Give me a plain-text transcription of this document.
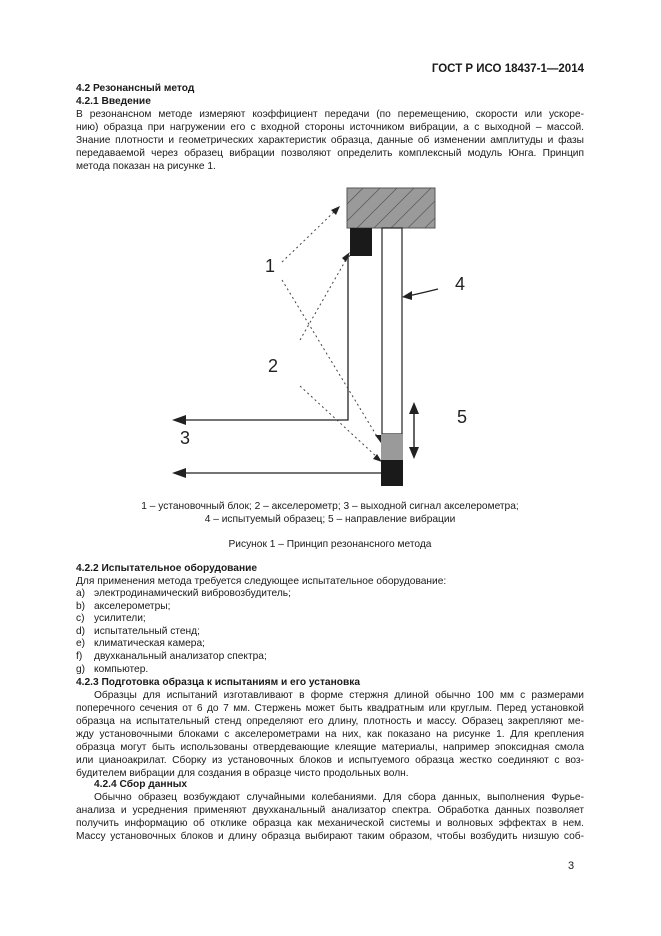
ГОСТ Р ИСО 18437-1—2014
4.2 Резонансный метод
4.2.1 Введение
В резонансном методе измеряют коэффициент передачи (по перемещению, скорости или ускоре-
нию) образца при нагружении его с входной стороны источником вибрации, а с выходной – массой.
Знание плотности и геометрических характеристик образца, данные об изменении амплитуды и фазы
передаваемой через образец вибрации позволяют определить комплексный модуль Юнга. Принцип
метода показан на рисунке 1.
1
2
3
4
5
1 – установочный блок; 2 – акселерометр; 3 – выходной сигнал акселерометра;
4 – испытуемый образец; 5 – направление вибрации
Рисунок 1 – Принцип резонансного метода
4.2.2 Испытательное оборудование
Для применения метода требуется следующее испытательное оборудование:
a) электродинамический вибровозбудитель;
b) акселерометры;
c) усилители;
d) испытательный стенд;
e) климатическая камера;
f)	двухканальный анализатор спектра;
g) компьютер.
4.2.3 Подготовка образца к испытаниям и его установка
Образцы для испытаний изготавливают в форме стержня длиной обычно 100 мм с размерами
поперечного сечения от 6 до 7 мм. Стержень может быть квадратным или круглым. Перед установкой
образца на испытательный стенд определяют его длину, плотность и массу. Образец закрепляют ме-
жду установочными блоками с акселерометрами на них, как показано на рисунке 1. Для крепления
образца могут быть использованы отвердевающие клеящие материалы, например эпоксидная смола
или цианоакрилат. Сборку из установочных блоков и испытуемого образца жестко соединяют с воз-
будителем вибрации для создания в образце чисто продольных волн.
4.2.4 Сбор данных
Обычно образец возбуждают случайными колебаниями. Для сбора данных, выполнения Фурье-
анализа и усреднения применяют двухканальный анализатор спектра. Обработка данных позволяет
получить информацию об отклике образца как механической системы и волновых эффектах в нем.
Массу установочных блоков и длину образца выбирают таким образом, чтобы возбудить низшую соб-
3
